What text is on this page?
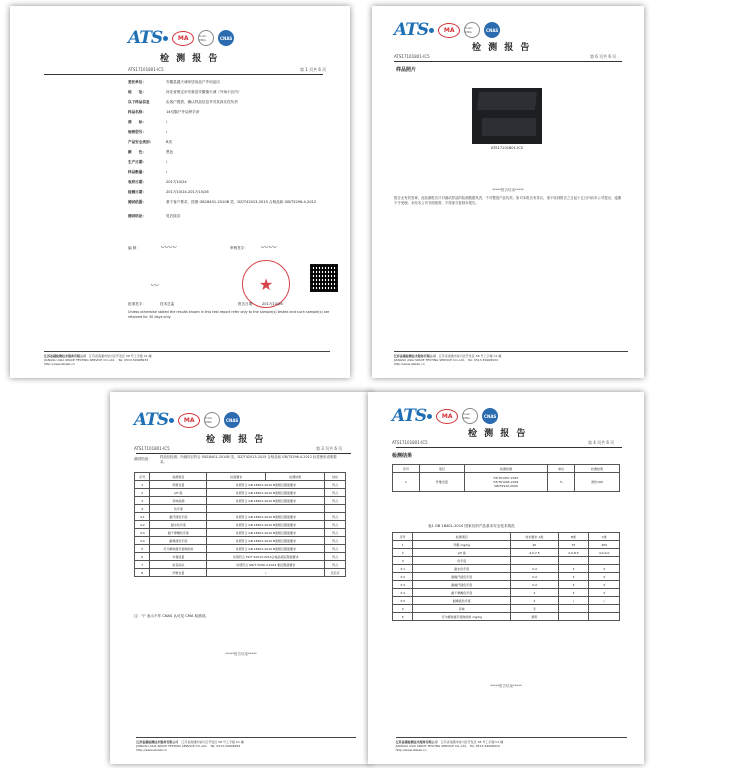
ATS	MA	ILAC-MRA	CNAS
检 测 报 告
ATS17101801-IC5	第 1 页共 6 页
委托单位：	安徽县越天诚家居用品户外用品店
地　　址：	河北省保定市安新县安徽镇天诚（外场小区内）
以下样品信息	由客户提供，确认样品信息并对其真实性负责
样品名称：	14纹隔户外烧烤手套
商　　标：	/
规格型号：	/
产品安全类别：	B类
颜　　色：	黑色
生产日期：	/
样品数量：	/
收样日期：	2017/10/24
检测日期：	2017/10/24-2017/10/26
测试依据：	基于客户要求，按照 GB18401-2010B 类、DZ/T42013-2015 合格品和 GB/T5296.4-2012
测试结论：	见后续页
编 制：	〰〰	审核签字： 〰〰
★
〰
批准签字：	技术总监	报告日期： 2017/10/26
Unless otherwise stated the results shown in this test report refer only to the sample(s) tested and such sample(s) are retained for 30 days only.
江苏省越检测技术服务有限公司　 江苏省南通市崇川区开发区 58 号工字楼 C1 幢
JIANGSU ASIA SPACE TESTING SERVICE CO.,Ltd.　 Tel: 0513-59908934
http://www.atslab.cn
ATS	MA	ILAC-MRA	CNAS
检 测 报 告
ATS17101801-IC5	第 6 页共 6 页
样品照片
ATS17101801-IC5
*****报告结束*****
报告无有效签章、此检测报告只对测试样品的检测数据负责，不对整批产品负责。如对本报告有异议，请于收到报告之日起十五日内向本公司提出，逾期不予受理。未经本公司书面批准，不得部分复制本报告。
江苏省越检测技术服务有限公司　 江苏省南通市崇川区开发区 58 号工字楼 C1 幢
JIANGSU ASIA SPACE TESTING SERVICE CO.,Ltd.　 Tel: 0513-59908934
http://www.atslab.cn
ATS	MA	ILAC-MRA	CNAS
检 测 报 告
ATS17101801-IC5	第 3 页共 6 页
测试结论： 样品经检测，所测项目符合 GB18401-2010B 类、DZ/T42013-2015 合格品和 GB/T5296.4-2012 标签使用说明要求。
序号	检测项目	标准要求	检测结果	结论
1	甲醛含量	该项符合 GB 18401-2010 B类相应限值要求		符合
2	pH 值	该项符合 GB 18401-2010 B类相应限值要求		符合
3	异味检测	该项符合 GB 18401-2010 B类相应限值要求		符合
4	色牢度			
4.1	耐汗渍色牢度	该项符合 GB 18401-2010 B类相应限值要求		符合
4.2	耐水色牢度	该项符合 GB 18401-2010 B类相应限值要求		符合
4.3	耐干摩擦色牢度	该项符合 GB 18401-2010 B类相应限值要求		符合
4.4	耐唾液色牢度	该项符合 GB 18401-2010 B类相应限值要求		符合
5	可分解致癌芳香胺染料	该项符合 GB 18401-2010 B类相应限值要求		符合
6	外观质量	该项符合 FZ/T 42013-2015合格品相应限值要求		符合
7	标签标识	该项符合 GB/T 5296.4-2012 相应限值要求		符合
8	纤维含量	/		见后页
注："/" 表示不作 CNAS 认可及 CMA 检测项。
*****报告结束*****
江苏省越检测技术服务有限公司　 江苏省南通市崇川区开发区 58 号工字楼 C1 幢
JIANGSU ASIA SPACE TESTING SERVICE CO.,Ltd.　 Tel: 0513-59908934
http://www.atslab.cn
ATS	MA	ILAC-MRA	CNAS
检 测 报 告
ATS17101801-IC5	第 4 页共 6 页
检测结果
序号	项目	检测依据	单位	检测结果
1	纤维含量	FZ/T01057-2007
FZ/T01095-2002
GB/T2910-2009	%	涤纶100
表1 GB 18401-2010 国家纺织产品基本安全技术规范
序号	检测项目	技术要求 A类	B类	C类
1	甲醛 mg/kg	20	75	300
2	pH 值	4.0-7.5	4.0-8.5	4.0-9.0
3	色牢度			
3.1	耐水色牢度	3-4	3	3
3.2	耐酸汗渍色牢度	3-4	3	3
3.3	耐碱汗渍色牢度	3-4	3	3
3.4	耐干摩擦色牢度	4	3	3
3.5	耐唾液色牢度	4	/	/
4	异味	无		
5	可分解致癌芳香胺染料 mg/kg	禁用		
*****报告结束*****
江苏省越检测技术服务有限公司　 江苏省南通市崇川区开发区 58 号工字楼 C1 幢
JIANGSU ASIA SPACE TESTING SERVICE CO.,Ltd.　 Tel: 0513-59908934
http://www.atslab.cn
